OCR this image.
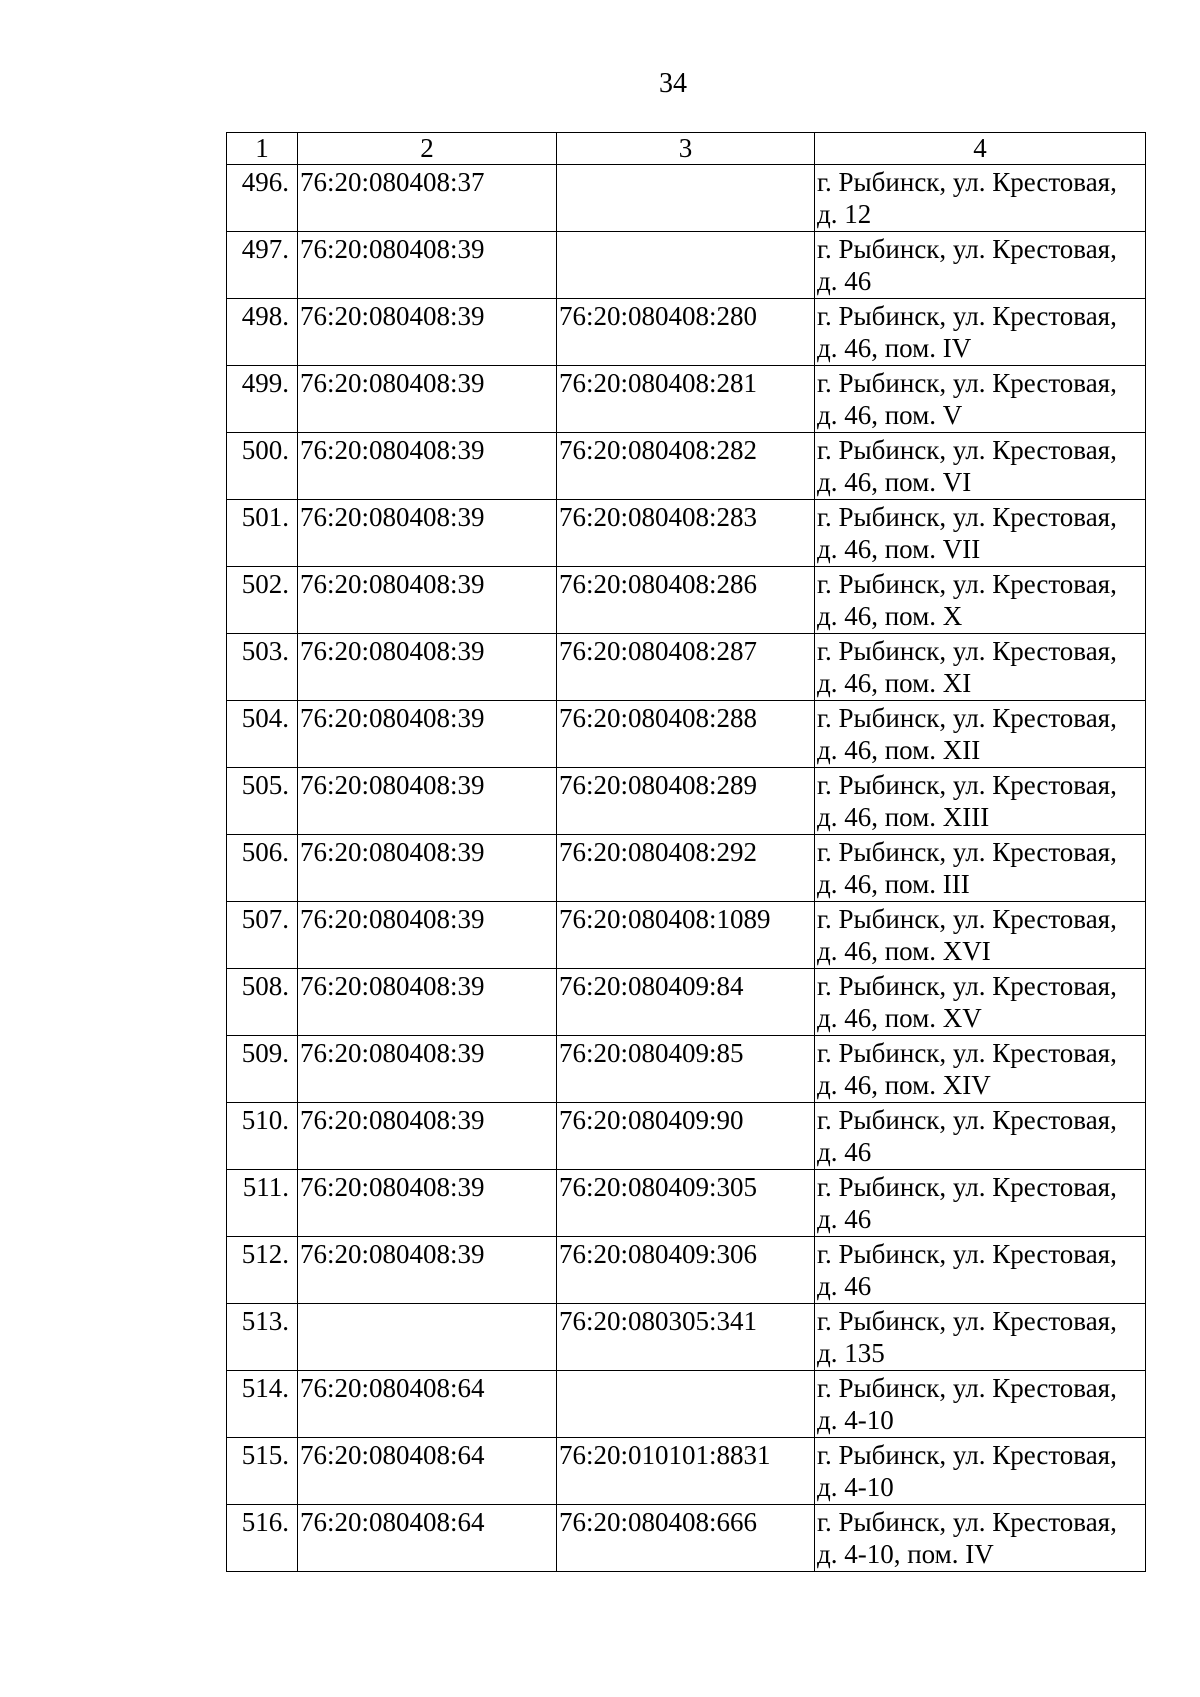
34
1	2	3	4

496.	76:20:080408:37		г. Рыбинск, ул. Крестовая,
д. 12

497.	76:20:080408:39		г. Рыбинск, ул. Крестовая,
д. 46

498.	76:20:080408:39	76:20:080408:280	г. Рыбинск, ул. Крестовая,
д. 46, пом. IV

499.	76:20:080408:39	76:20:080408:281	г. Рыбинск, ул. Крестовая,
д. 46, пом. V

500.	76:20:080408:39	76:20:080408:282	г. Рыбинск, ул. Крестовая,
д. 46, пом. VI

501.	76:20:080408:39	76:20:080408:283	г. Рыбинск, ул. Крестовая,
д. 46, пом. VII

502.	76:20:080408:39	76:20:080408:286	г. Рыбинск, ул. Крестовая,
д. 46, пом. X

503.	76:20:080408:39	76:20:080408:287	г. Рыбинск, ул. Крестовая,
д. 46, пом. XI

504.	76:20:080408:39	76:20:080408:288	г. Рыбинск, ул. Крестовая,
д. 46, пом. XII

505.	76:20:080408:39	76:20:080408:289	г. Рыбинск, ул. Крестовая,
д. 46, пом. XIII

506.	76:20:080408:39	76:20:080408:292	г. Рыбинск, ул. Крестовая,
д. 46, пом. III

507.	76:20:080408:39	76:20:080408:1089	г. Рыбинск, ул. Крестовая,
д. 46, пом. XVI

508.	76:20:080408:39	76:20:080409:84	г. Рыбинск, ул. Крестовая,
д. 46, пом. XV

509.	76:20:080408:39	76:20:080409:85	г. Рыбинск, ул. Крестовая,
д. 46, пом. XIV

510.	76:20:080408:39	76:20:080409:90	г. Рыбинск, ул. Крестовая,
д. 46

511.	76:20:080408:39	76:20:080409:305	г. Рыбинск, ул. Крестовая,
д. 46

512.	76:20:080408:39	76:20:080409:306	г. Рыбинск, ул. Крестовая,
д. 46

513.		76:20:080305:341	г. Рыбинск, ул. Крестовая,
д. 135

514.	76:20:080408:64		г. Рыбинск, ул. Крестовая,
д. 4-10

515.	76:20:080408:64	76:20:010101:8831	г. Рыбинск, ул. Крестовая,
д. 4-10

516.	76:20:080408:64	76:20:080408:666	г. Рыбинск, ул. Крестовая,
д. 4-10, пом. IV
